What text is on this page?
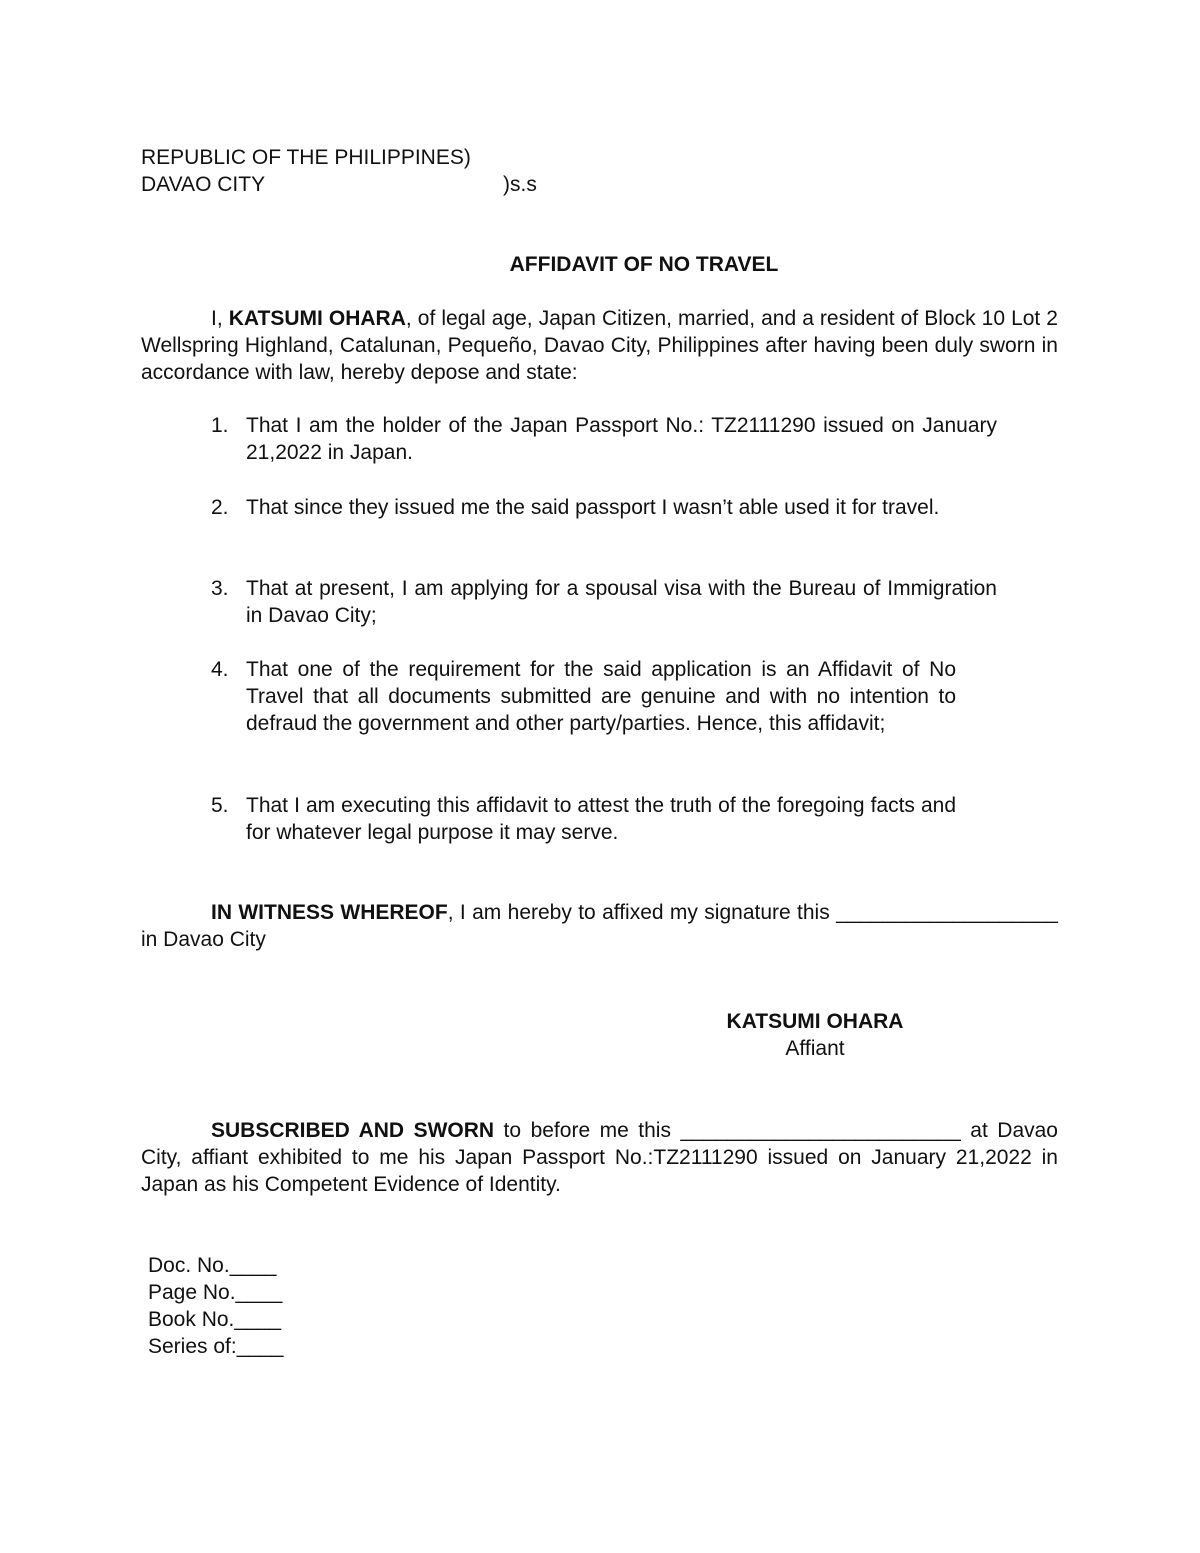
REPUBLIC OF THE PHILIPPINES)
DAVAO CITY	)s.s
AFFIDAVIT OF NO TRAVEL
I, KATSUMI OHARA, of legal age, Japan Citizen, married, and a resident of Block 10 Lot 2 Wellspring Highland, Catalunan, Pequeño, Davao City, Philippines after having been duly sworn in accordance with law, hereby depose and state:
1. That I am the holder of the Japan Passport No.: TZ2111290 issued on January 21,2022 in Japan.
2. That since they issued me the said passport I wasn’t able used it for travel.
3. That at present, I am applying for a spousal visa with the Bureau of Immigration in Davao City;
4. That one of the requirement for the said application is an Affidavit of No Travel that all documents submitted are genuine and with no intention to defraud the government and other party/parties. Hence, this affidavit;
5. That I am executing this affidavit to attest the truth of the foregoing facts and for whatever legal purpose it may serve.
IN WITNESS WHEREOF, I am hereby to affixed my signature this ___________________ in Davao City
KATSUMI OHARA
Affiant
SUBSCRIBED AND SWORN to before me this ________________________ at Davao City, affiant exhibited to me his Japan Passport No.:TZ2111290 issued on January 21,2022 in Japan as his Competent Evidence of Identity.
Doc. No.____
Page No.____
Book No.____
Series of:____
